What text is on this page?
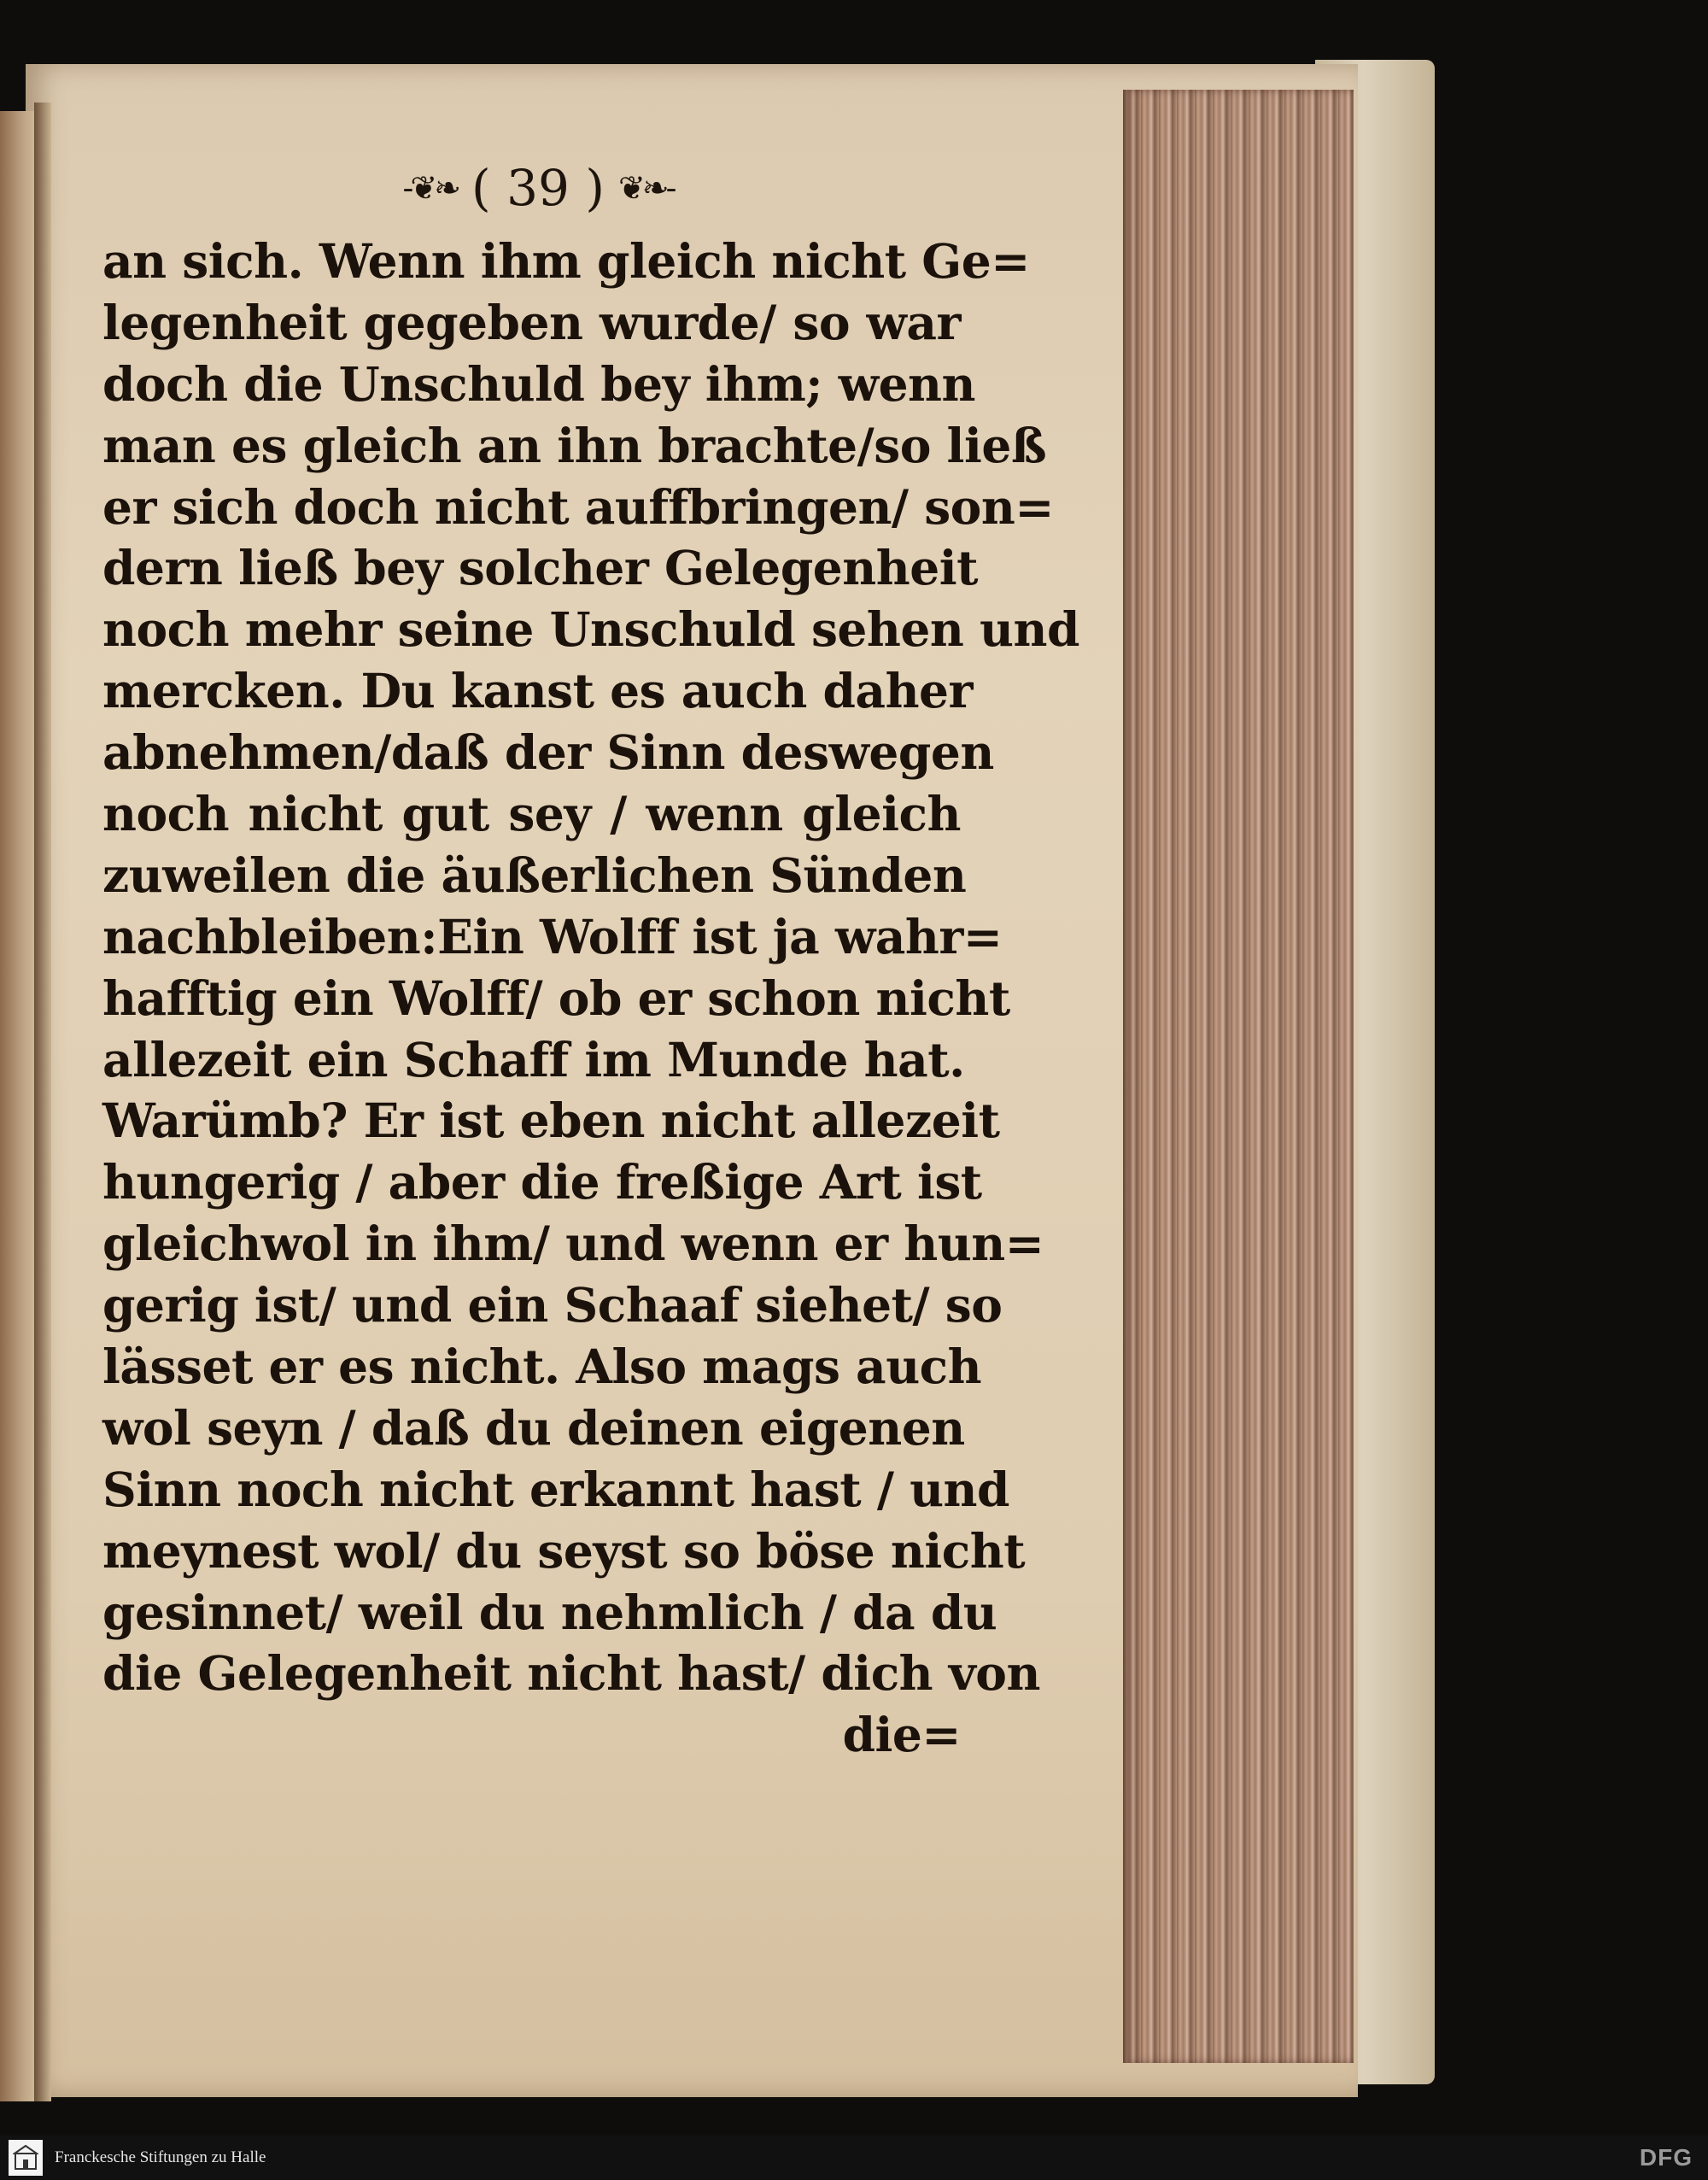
-❦❧ ( 39 ) ❦❧-
an sich. Wenn ihm gleich nicht Ge=
legenheit gegeben wurde/ so war
doch die Unschuld bey ihm; wenn
man es gleich an ihn brachte/so ließ
er sich doch nicht auffbringen/ son=
dern ließ bey solcher Gelegenheit
noch mehr seine Unschuld sehen und
mercken. Du kanst es auch daher
abnehmen/daß der Sinn deswegen
noch nicht gut sey / wenn gleich
zuweilen die äußerlichen Sünden
nachbleiben:Ein Wolff ist ja wahr=
hafftig ein Wolff/ ob er schon nicht
allezeit ein Schaff im Munde hat.
Warümb? Er ist eben nicht allezeit
hungerig / aber die freßige Art ist
gleichwol in ihm/ und wenn er hun=
gerig ist/ und ein Schaaf siehet/ so
lässet er es nicht. Also mags auch
wol seyn / daß du deinen eigenen
Sinn noch nicht erkannt hast / und
meynest wol/ du seyst so böse nicht
gesinnet/ weil du nehmlich / da du
die Gelegenheit nicht hast/ dich von
die=
Franckesche Stiftungen zu Halle	DFG
